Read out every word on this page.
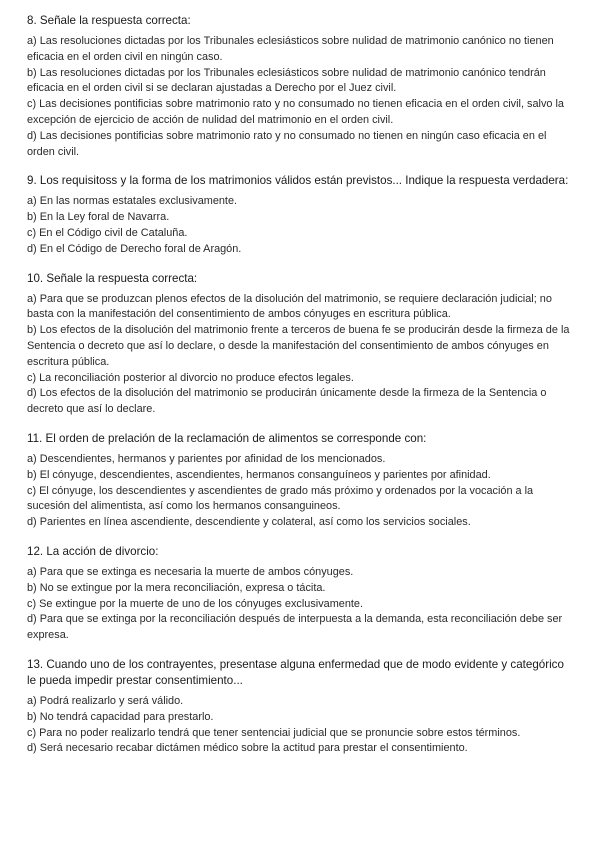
8. Señale la respuesta correcta:

a) Las resoluciones dictadas por los Tribunales eclesiásticos sobre nulidad de matrimonio canónico no tienen eficacia en el orden civil en ningún caso.
b) Las resoluciones dictadas por los Tribunales eclesiásticos sobre nulidad de matrimonio canónico tendrán eficacia en el orden civil si se declaran ajustadas a Derecho por el Juez civil.
c) Las decisiones pontificias sobre matrimonio rato y no consumado no tienen eficacia en el orden civil, salvo la excepción de ejercicio de acción de nulidad del matrimonio en el orden civil.
d) Las decisiones pontificias sobre matrimonio rato y no consumado no tienen en ningún caso eficacia en el orden civil.

9. Los requisitoss y la forma de los matrimonios válidos están previstos... Indique la respuesta verdadera:

a) En las normas estatales exclusivamente.
b) En la Ley foral de Navarra.
c) En el Código civil de Cataluña.
d) En el Código de Derecho foral de Aragón.

10. Señale la respuesta correcta:

a) Para que se produzcan plenos efectos de la disolución del matrimonio, se requiere declaración judicial; no basta con la manifestación del consentimiento de ambos cónyuges en escritura pública.
b) Los efectos de la disolución del matrimonio frente a terceros de buena fe se producirán desde la firmeza de la Sentencia o decreto que así lo declare, o desde la manifestación del consentimiento de ambos cónyuges en escritura pública.
c) La reconciliación posterior al divorcio no produce efectos legales.
d) Los efectos de la disolución del matrimonio se producirán únicamente desde la firmeza de la Sentencia o decreto que así lo declare.

11. El orden de prelación de la reclamación de alimentos se corresponde con:

a) Descendientes, hermanos y parientes por afinidad de los mencionados.
b) El cónyuge, descendientes, ascendientes, hermanos consanguíneos y parientes por afinidad.
c) El cónyuge, los descendientes y ascendientes de grado más próximo y ordenados por la vocación a la sucesión del alimentista, así como los hermanos consanguineos.
d) Parientes en línea ascendiente, descendiente y colateral, así como los servicios sociales.

12. La acción de divorcio:

a) Para que se extinga es necesaria la muerte de ambos cónyuges.
b) No se extingue por la mera reconciliación, expresa o tácita.
c) Se extingue por la muerte de uno de los cónyuges exclusivamente.
d) Para que se extinga por la reconciliación después de interpuesta a la demanda, esta reconciliación debe ser expresa.

13. Cuando uno de los contrayentes, presentase alguna enfermedad que de modo evidente y categórico le pueda impedir prestar consentimiento...

a) Podrá realizarlo y será válido.
b) No tendrá capacidad para prestarlo.
c) Para no poder realizarlo tendrá que tener sentenciai judicial que se pronuncie sobre estos términos.
d) Será necesario recabar dictámen médico sobre la actitud para prestar el consentimiento.
